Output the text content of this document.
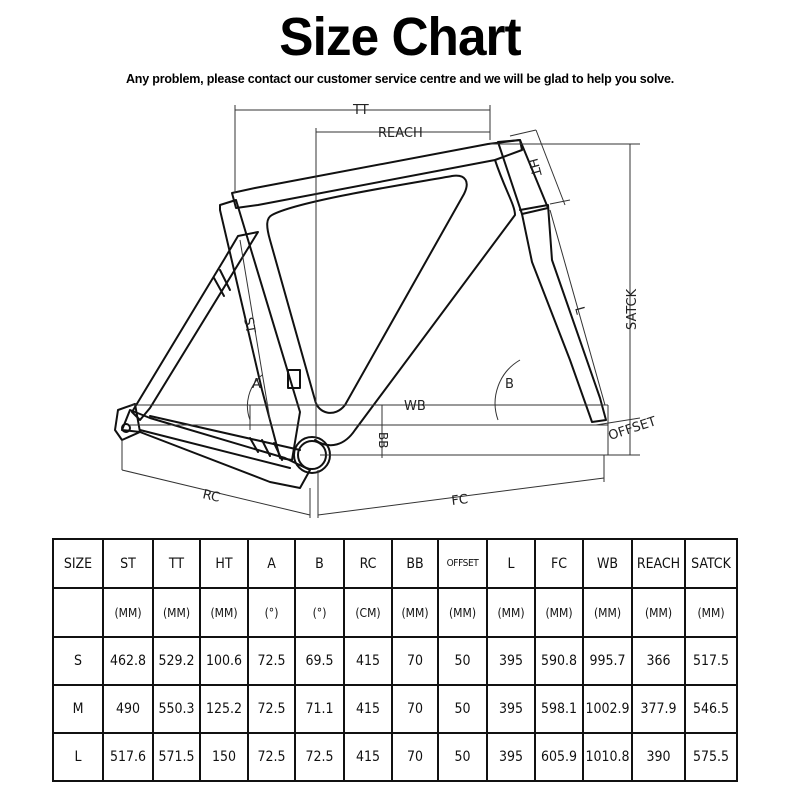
Size Chart
Any problem, please contact our customer service centre and we will be glad to help you solve.
TT
REACH
HT
SATCK
L
ST
A	B
WB
BB	OFFSET
RC	FC
SIZE	ST	TT	HT	A	B	RC	BB	OFFSET	L	FC	WB	REACH	SATCK
	(MM)	(MM)	(MM)	(°)	(°)	(CM)	(MM)	(MM)	(MM)	(MM)	(MM)	(MM)	(MM)
S	462.8	529.2	100.6	72.5	69.5	415	70	50	395	590.8	995.7	366	517.5
M	490	550.3	125.2	72.5	71.1	415	70	50	395	598.1	1002.9	377.9	546.5
L	517.6	571.5	150	72.5	72.5	415	70	50	395	605.9	1010.8	390	575.5
